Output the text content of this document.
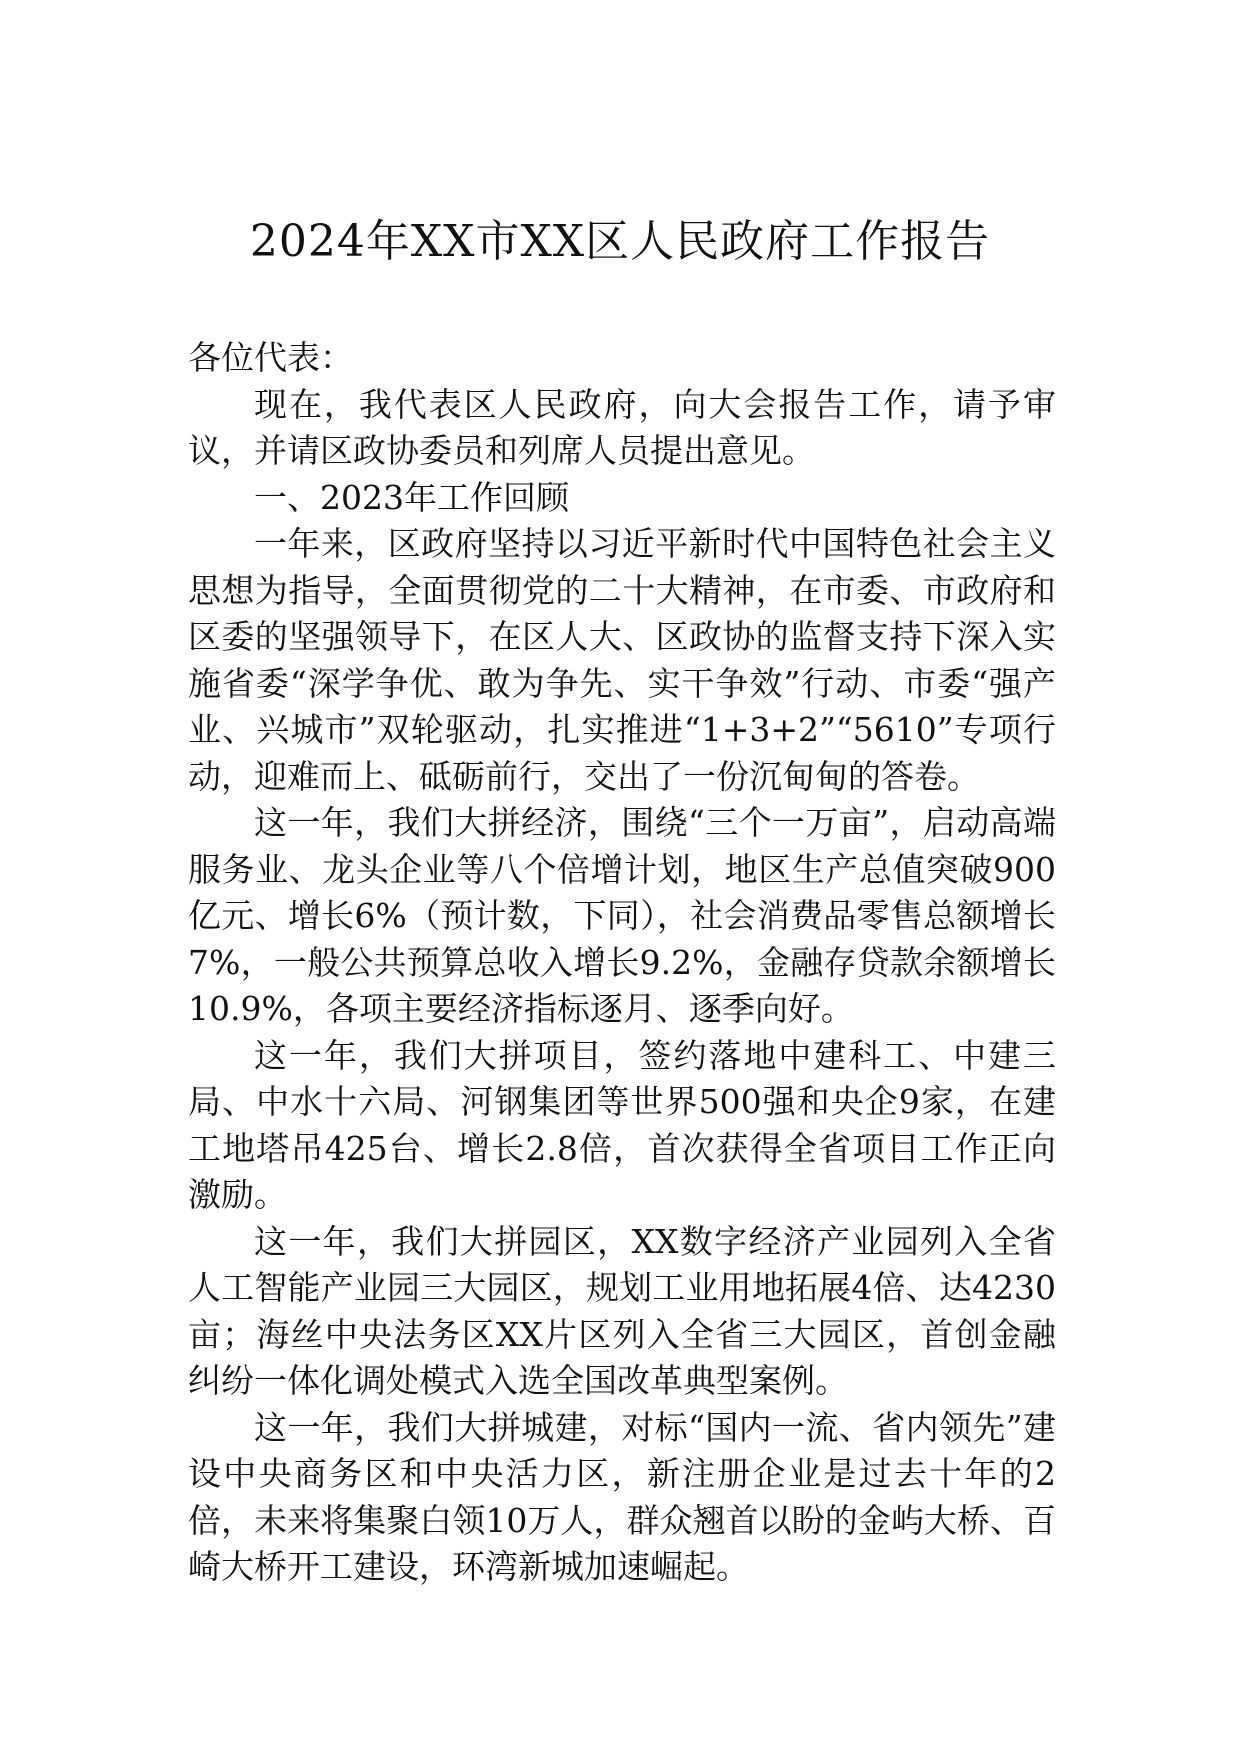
2024年XX市XX区人民政府工作报告

各位代表：

现在，我代表区人民政府，向大会报告工作，请予审议，并请区政协委员和列席人员提出意见。

一、2023年工作回顾

一年来，区政府坚持以习近平新时代中国特色社会主义思想为指导，全面贯彻党的二十大精神，在市委、市政府和区委的坚强领导下，在区人大、区政协的监督支持下深入实施省委“深学争优、敢为争先、实干争效”行动、市委“强产业、兴城市”双轮驱动，扎实推进“1+3+2”“5610”专项行动，迎难而上、砥砺前行，交出了一份沉甸甸的答卷。

这一年，我们大拼经济，围绕“三个一万亩”，启动高端服务业、龙头企业等八个倍增计划，地区生产总值突破900亿元、增长6%（预计数，下同），社会消费品零售总额增长7%，一般公共预算总收入增长9.2%，金融存贷款余额增长10.9%，各项主要经济指标逐月、逐季向好。

这一年，我们大拼项目，签约落地中建科工、中建三局、中水十六局、河钢集团等世界500强和央企9家，在建工地塔吊425台、增长2.8倍，首次获得全省项目工作正向激励。

这一年，我们大拼园区，XX数字经济产业园列入全省人工智能产业园三大园区，规划工业用地拓展4倍、达4230亩；海丝中央法务区XX片区列入全省三大园区，首创金融纠纷一体化调处模式入选全国改革典型案例。

这一年，我们大拼城建，对标“国内一流、省内领先”建设中央商务区和中央活力区，新注册企业是过去十年的2倍，未来将集聚白领10万人，群众翘首以盼的金屿大桥、百崎大桥开工建设，环湾新城加速崛起。
